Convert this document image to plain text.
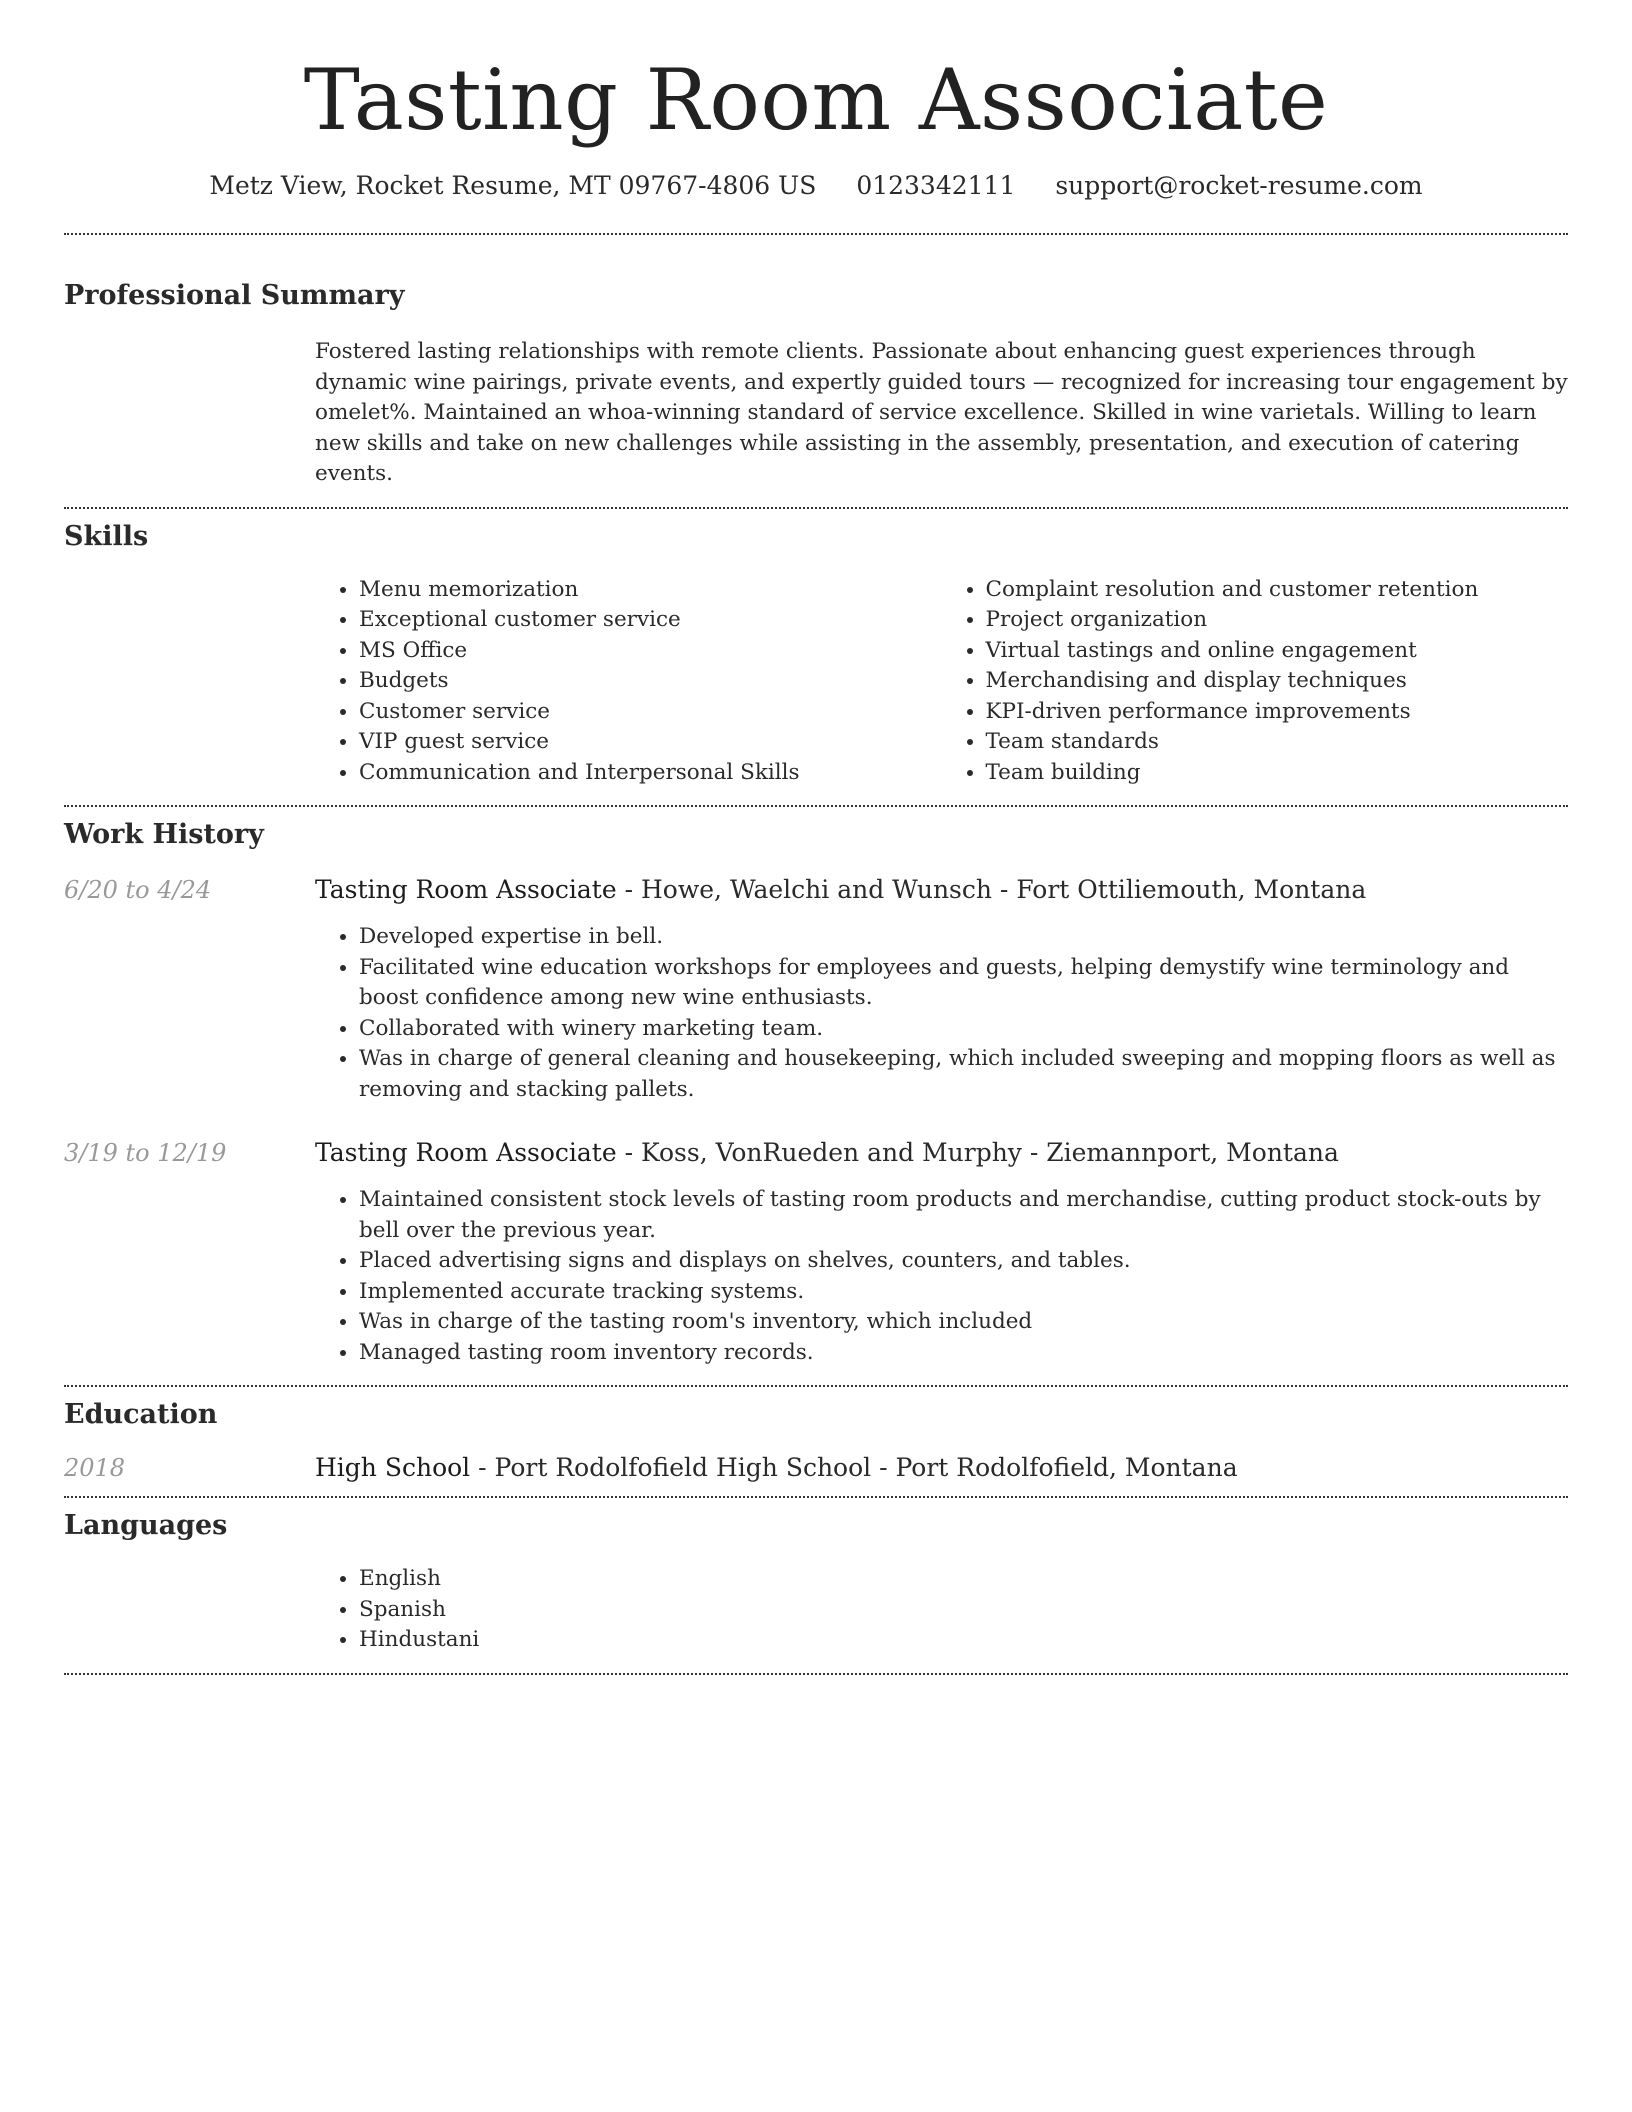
Tasting Room Associate
Metz View, Rocket Resume, MT 09767-4806 US 0123342111 support@rocket-resume.com
Professional Summary

Fostered lasting relationships with remote clients. Passionate about enhancing guest experiences through dynamic wine pairings, private events, and expertly guided tours — recognized for increasing tour engagement by omelet%. Maintained an whoa-winning standard of service excellence. Skilled in wine varietals. Willing to learn new skills and take on new challenges while assisting in the assembly, presentation, and execution of catering events.

Skills
• Menu memorization
• Exceptional customer service
• MS Office
• Budgets
• Customer service
• VIP guest service
• Communication and Interpersonal Skills
• Complaint resolution and customer retention
• Project organization
• Virtual tastings and online engagement
• Merchandising and display techniques
• KPI-driven performance improvements
• Team standards
• Team building
Work History
6/20 to 4/24	Tasting Room Associate - Howe, Waelchi and Wunsch - Fort Ottiliemouth, Montana
• Developed expertise in bell.
• Facilitated wine education workshops for employees and guests, helping demystify wine terminology and boost confidence among new wine enthusiasts.
• Collaborated with winery marketing team.
• Was in charge of general cleaning and housekeeping, which included sweeping and mopping floors as well as removing and stacking pallets.
3/19 to 12/19	Tasting Room Associate - Koss, VonRueden and Murphy - Ziemannport, Montana
• Maintained consistent stock levels of tasting room products and merchandise, cutting product stock-outs by bell over the previous year.
• Placed advertising signs and displays on shelves, counters, and tables.
• Implemented accurate tracking systems.
• Was in charge of the tasting room's inventory, which included
• Managed tasting room inventory records.
Education
2018	High School - Port Rodolfofield High School - Port Rodolfofield, Montana
Languages
• English
• Spanish
• Hindustani
